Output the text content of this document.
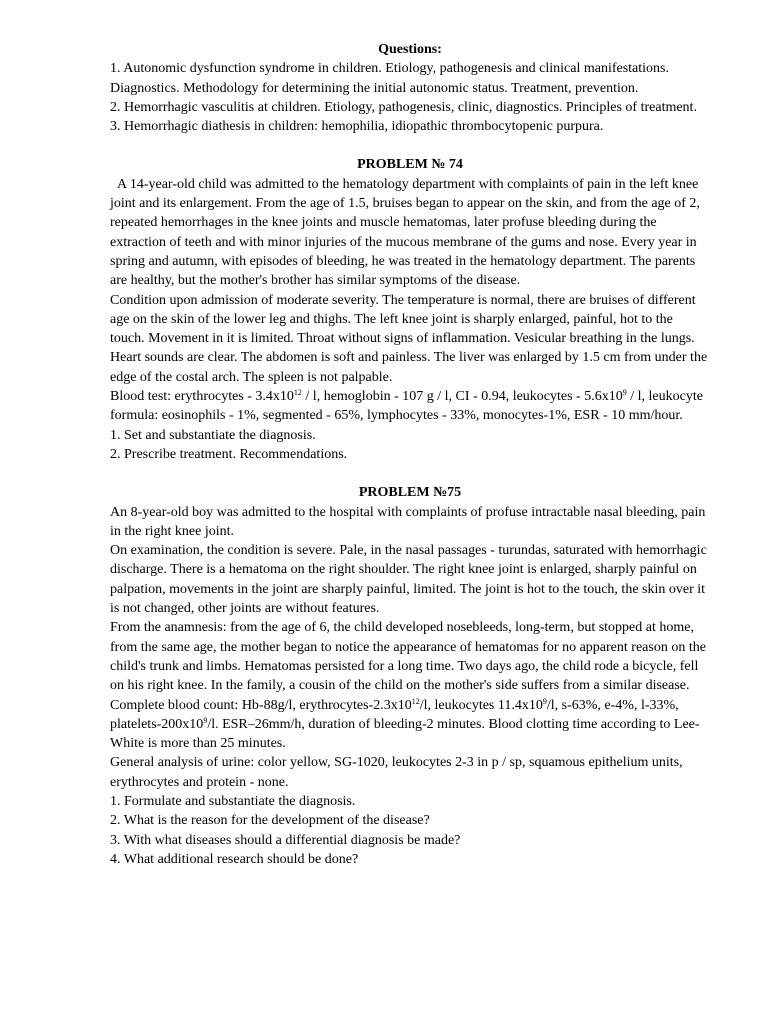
Questions:

1. Autonomic dysfunction syndrome in children. Etiology, pathogenesis and clinical manifestations. Diagnostics. Methodology for determining the initial autonomic status. Treatment, prevention.

2. Hemorrhagic vasculitis at children. Etiology, pathogenesis, clinic, diagnostics. Principles of treatment.

3. Hemorrhagic diathesis in children: hemophilia, idiopathic thrombocytopenic purpura.

PROBLEM № 74

A 14-year-old child was admitted to the hematology department with complaints of pain in the left knee joint and its enlargement. From the age of 1.5, bruises began to appear on the skin, and from the age of 2, repeated hemorrhages in the knee joints and muscle hematomas, later profuse bleeding during the extraction of teeth and with minor injuries of the mucous membrane of the gums and nose. Every year in spring and autumn, with episodes of bleeding, he was treated in the hematology department. The parents are healthy, but the mother's brother has similar symptoms of the disease.

Condition upon admission of moderate severity. The temperature is normal, there are bruises of different age on the skin of the lower leg and thighs. The left knee joint is sharply enlarged, painful, hot to the touch. Movement in it is limited. Throat without signs of inflammation. Vesicular breathing in the lungs. Heart sounds are clear. The abdomen is soft and painless. The liver was enlarged by 1.5 cm from under the edge of the costal arch. The spleen is not palpable.

Blood test: erythrocytes - $3.4x10^{12}$ / l, hemoglobin - 107 g / l, CI - 0.94, leukocytes - $5.6x10^9$ / l, leukocyte formula: eosinophils - 1%, segmented - 65%, lymphocytes - 33%, monocytes-1%, ESR - 10 mm/hour.

1. Set and substantiate the diagnosis.

2. Prescribe treatment. Recommendations.

PROBLEM №75

An 8-year-old boy was admitted to the hospital with complaints of profuse intractable nasal bleeding, pain in the right knee joint.

On examination, the condition is severe. Pale, in the nasal passages - turundas, saturated with hemorrhagic discharge. There is a hematoma on the right shoulder. The right knee joint is enlarged, sharply painful on palpation, movements in the joint are sharply painful, limited. The joint is hot to the touch, the skin over it is not changed, other joints are without features.

From the anamnesis: from the age of 6, the child developed nosebleeds, long-term, but stopped at home, from the same age, the mother began to notice the appearance of hematomas for no apparent reason on the child's trunk and limbs. Hematomas persisted for a long time. Two days ago, the child rode a bicycle, fell on his right knee. In the family, a cousin of the child on the mother's side suffers from a similar disease. Complete blood count: Hb-88g/l, erythrocytes-$2.3x10^{12}/l$, leukocytes $11.4x10^9/l$, s-63%, e-4%, l-33%, platelets-$200x10^9/l$. ESR–26mm/h, duration of bleeding-2 minutes. Blood clotting time according to Lee-White is more than 25 minutes.

General analysis of urine: color yellow, SG-1020, leukocytes 2-3 in p / sp, squamous epithelium units, erythrocytes and protein - none.

1. Formulate and substantiate the diagnosis.

2. What is the reason for the development of the disease?

3. With what diseases should a differential diagnosis be made?

4. What additional research should be done?
